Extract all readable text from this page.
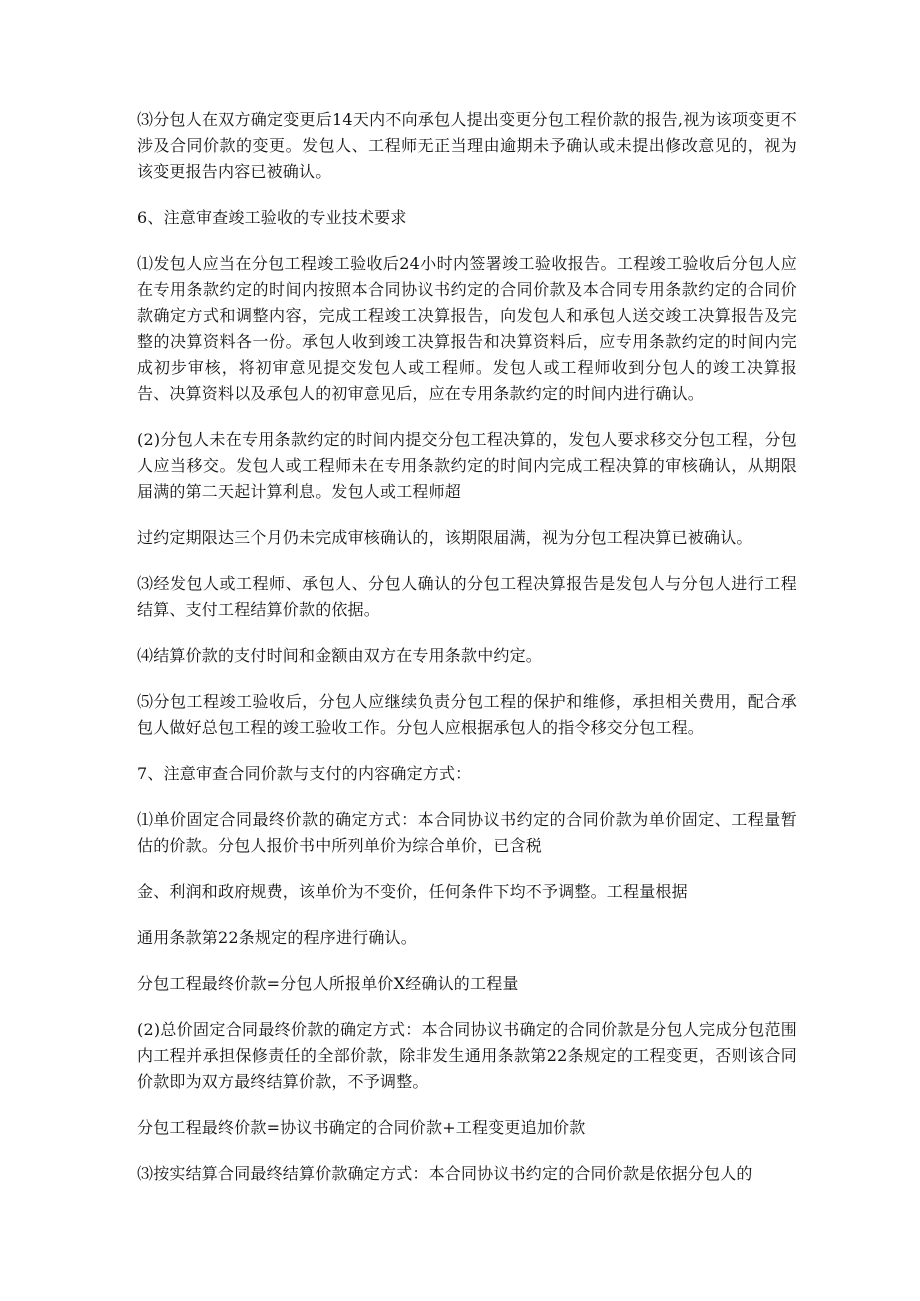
⑶分包人在双方确定变更后14天内不向承包人提出变更分包工程价款的报告,视为该项变更不涉及合同价款的变更。发包人、工程师无正当理由逾期未予确认或未提出修改意见的，视为该变更报告内容已被确认。

6、注意审查竣工验收的专业技术要求

⑴发包人应当在分包工程竣工验收后24小时内签署竣工验收报告。工程竣工验收后分包人应在专用条款约定的时间内按照本合同协议书约定的合同价款及本合同专用条款约定的合同价款确定方式和调整内容，完成工程竣工决算报告，向发包人和承包人送交竣工决算报告及完整的决算资料各一份。承包人收到竣工决算报告和决算资料后，应专用条款约定的时间内完成初步审核，将初审意见提交发包人或工程师。发包人或工程师收到分包人的竣工决算报告、决算资料以及承包人的初审意见后，应在专用条款约定的时间内进行确认。

(2)分包人未在专用条款约定的时间内提交分包工程决算的，发包人要求移交分包工程，分包人应当移交。发包人或工程师未在专用条款约定的时间内完成工程决算的审核确认，从期限届满的第二天起计算利息。发包人或工程师超

过约定期限达三个月仍未完成审核确认的，该期限届满，视为分包工程决算已被确认。

⑶经发包人或工程师、承包人、分包人确认的分包工程决算报告是发包人与分包人进行工程结算、支付工程结算价款的依据。

⑷结算价款的支付时间和金额由双方在专用条款中约定。

⑸分包工程竣工验收后，分包人应继续负责分包工程的保护和维修，承担相关费用，配合承包人做好总包工程的竣工验收工作。分包人应根据承包人的指令移交分包工程。

7、注意审查合同价款与支付的内容确定方式：

⑴单价固定合同最终价款的确定方式：本合同协议书约定的合同价款为单价固定、工程量暂估的价款。分包人报价书中所列单价为综合单价，已含税

金、利润和政府规费，该单价为不变价，任何条件下均不予调整。工程量根据

通用条款第22条规定的程序进行确认。

分包工程最终价款=分包人所报单价X经确认的工程量

(2)总价固定合同最终价款的确定方式：本合同协议书确定的合同价款是分包人完成分包范围内工程并承担保修责任的全部价款，除非发生通用条款第22条规定的工程变更，否则该合同价款即为双方最终结算价款，不予调整。

分包工程最终价款=协议书确定的合同价款+工程变更追加价款

⑶按实结算合同最终结算价款确定方式：本合同协议书约定的合同价款是依据分包人的
